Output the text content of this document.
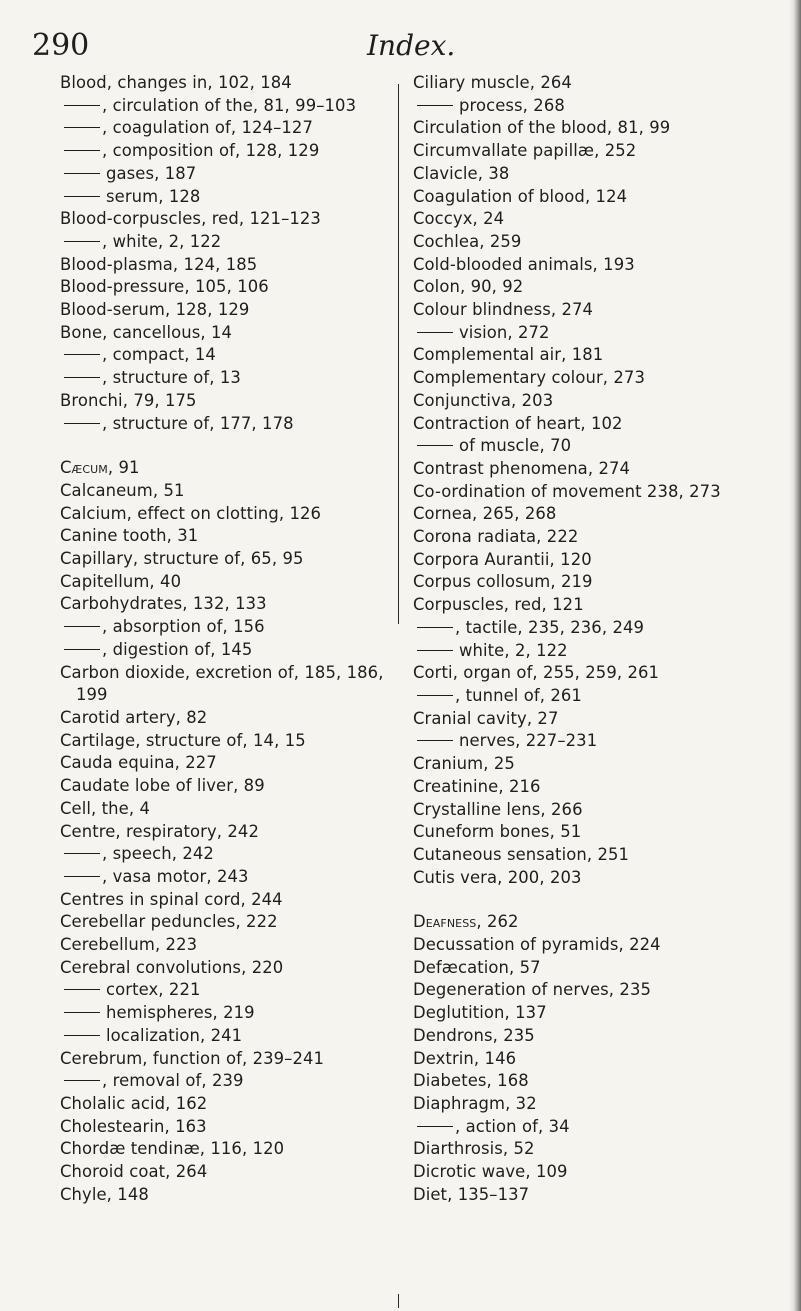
290	Index.
Blood, changes in, 102, 184
, circulation of the, 81, 99–103
, coagulation of, 124–127
, composition of, 128, 129
gases, 187
serum, 128
Blood-corpuscles, red, 121–123
, white, 2, 122
Blood-plasma, 124, 185
Blood-pressure, 105, 106
Blood-serum, 128, 129
Bone, cancellous, 14
, compact, 14
, structure of, 13
Bronchi, 79, 175
, structure of, 177, 178
Cæcum, 91
Calcaneum, 51
Calcium, effect on clotting, 126
Canine tooth, 31
Capillary, structure of, 65, 95
Capitellum, 40
Carbohydrates, 132, 133
, absorption of, 156
, digestion of, 145
Carbon dioxide, excretion of, 185, 186, 199
Carotid artery, 82
Cartilage, structure of, 14, 15
Cauda equina, 227
Caudate lobe of liver, 89
Cell, the, 4
Centre, respiratory, 242
, speech, 242
, vasa motor, 243
Centres in spinal cord, 244
Cerebellar peduncles, 222
Cerebellum, 223
Cerebral convolutions, 220
cortex, 221
hemispheres, 219
localization, 241
Cerebrum, function of, 239–241
, removal of, 239
Cholalic acid, 162
Cholestearin, 163
Chordæ tendinæ, 116, 120
Choroid coat, 264
Chyle, 148
Ciliary muscle, 264
process, 268
Circulation of the blood, 81, 99
Circumvallate papillæ, 252
Clavicle, 38
Coagulation of blood, 124
Coccyx, 24
Cochlea, 259
Cold-blooded animals, 193
Colon, 90, 92
Colour blindness, 274
vision, 272
Complemental air, 181
Complementary colour, 273
Conjunctiva, 203
Contraction of heart, 102
of muscle, 70
Contrast phenomena, 274
Co-ordination of movement 238, 273
Cornea, 265, 268
Corona radiata, 222
Corpora Aurantii, 120
Corpus collosum, 219
Corpuscles, red, 121
, tactile, 235, 236, 249
white, 2, 122
Corti, organ of, 255, 259, 261
, tunnel of, 261
Cranial cavity, 27
nerves, 227–231
Cranium, 25
Creatinine, 216
Crystalline lens, 266
Cuneform bones, 51
Cutaneous sensation, 251
Cutis vera, 200, 203
Deafness, 262
Decussation of pyramids, 224
Defæcation, 57
Degeneration of nerves, 235
Deglutition, 137
Dendrons, 235
Dextrin, 146
Diabetes, 168
Diaphragm, 32
, action of, 34
Diarthrosis, 52
Dicrotic wave, 109
Diet, 135–137
